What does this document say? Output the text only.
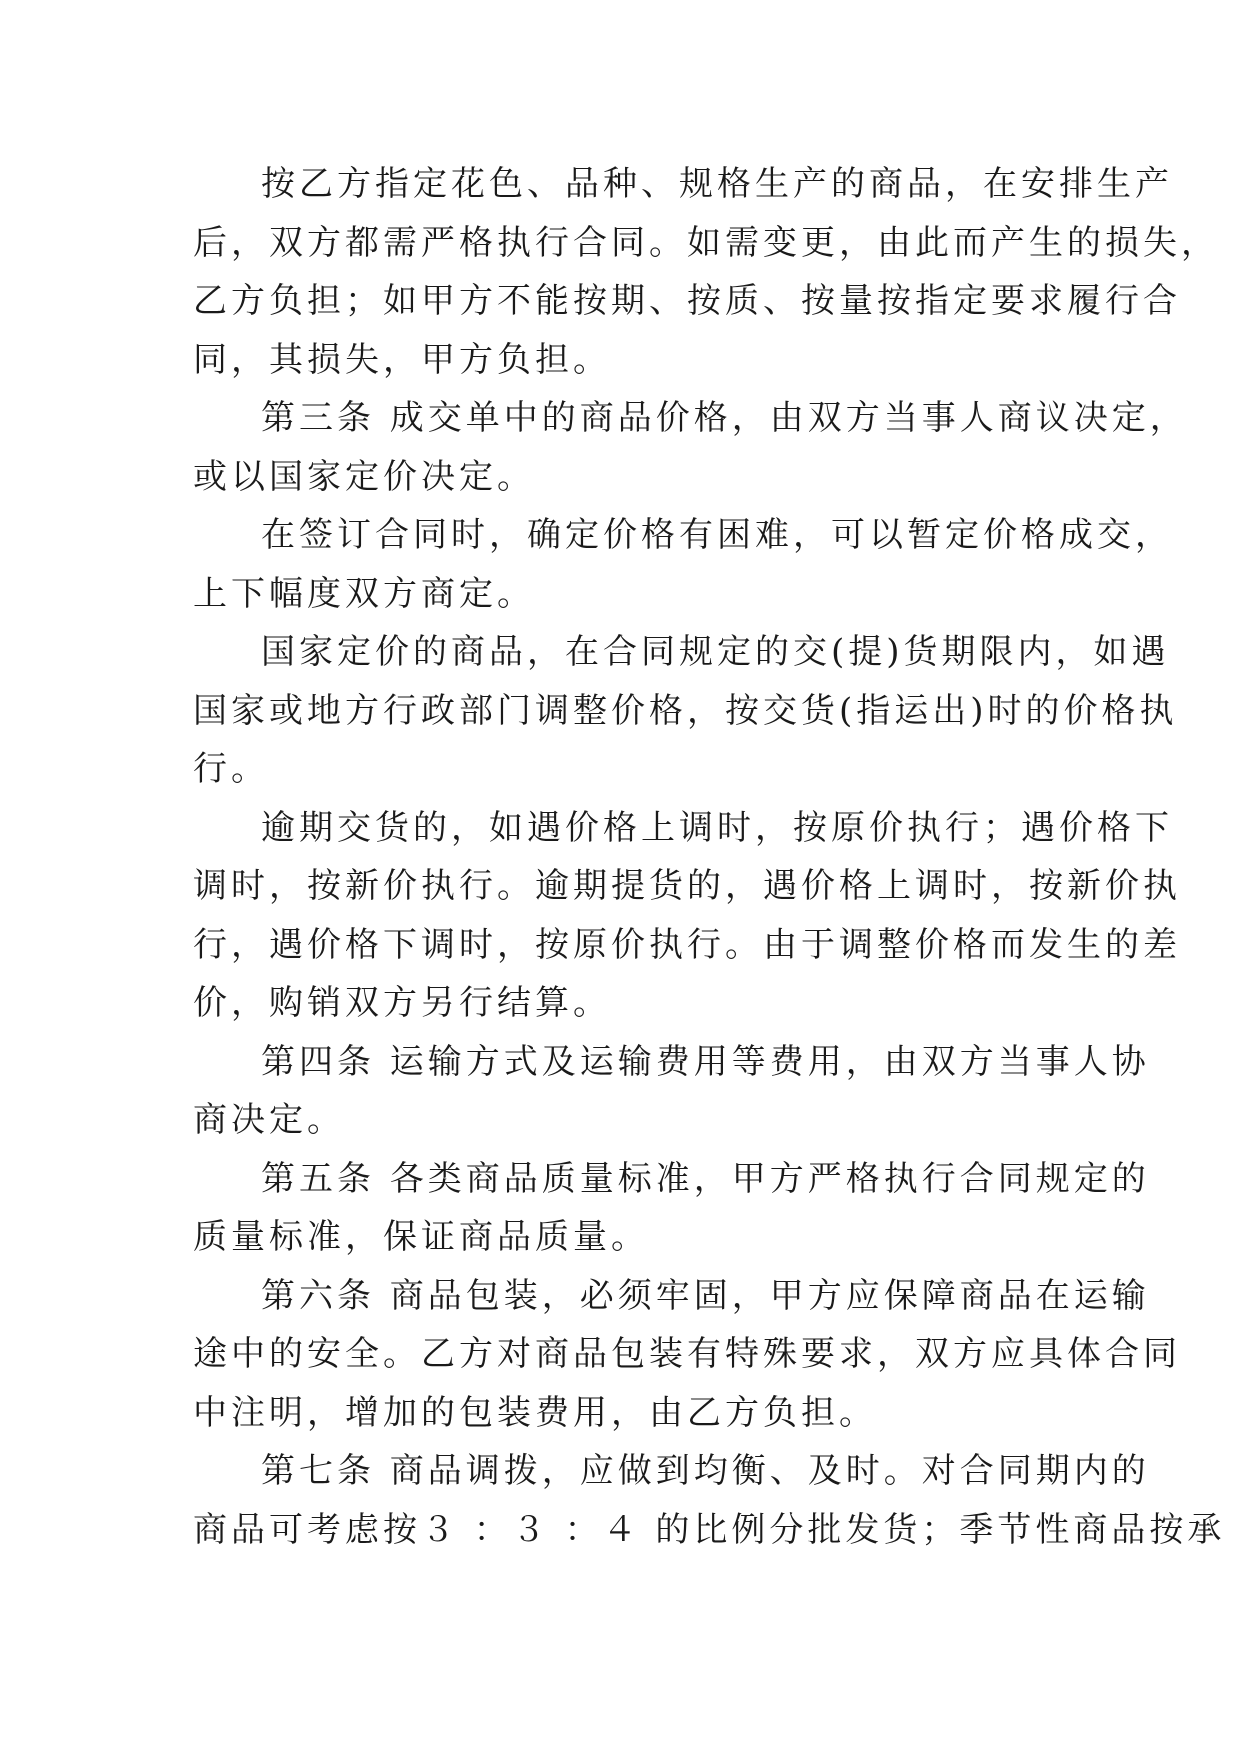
按乙方指定花色、品种、规格生产的商品，在安排生产
后，双方都需严格执行合同。如需变更，由此而产生的损失，
乙方负担；如甲方不能按期、按质、按量按指定要求履行合
同，其损失，甲方负担。
第三条 成交单中的商品价格，由双方当事人商议决定，
或以国家定价决定。
在签订合同时，确定价格有困难，可以暂定价格成交，
上下幅度双方商定。
国家定价的商品，在合同规定的交(提)货期限内，如遇
国家或地方行政部门调整价格，按交货(指运出)时的价格执
行。
逾期交货的，如遇价格上调时，按原价执行；遇价格下
调时，按新价执行。逾期提货的，遇价格上调时，按新价执
行，遇价格下调时，按原价执行。由于调整价格而发生的差
价，购销双方另行结算。
第四条 运输方式及运输费用等费用，由双方当事人协
商决定。
第五条 各类商品质量标准，甲方严格执行合同规定的
质量标准，保证商品质量。
第六条 商品包装，必须牢固，甲方应保障商品在运输
途中的安全。乙方对商品包装有特殊要求，双方应具体合同
中注明，增加的包装费用，由乙方负担。
第七条 商品调拨，应做到均衡、及时。对合同期内的
商品可考虑按３ ：３ ：４ 的比例分批发货；季节性商品按承
